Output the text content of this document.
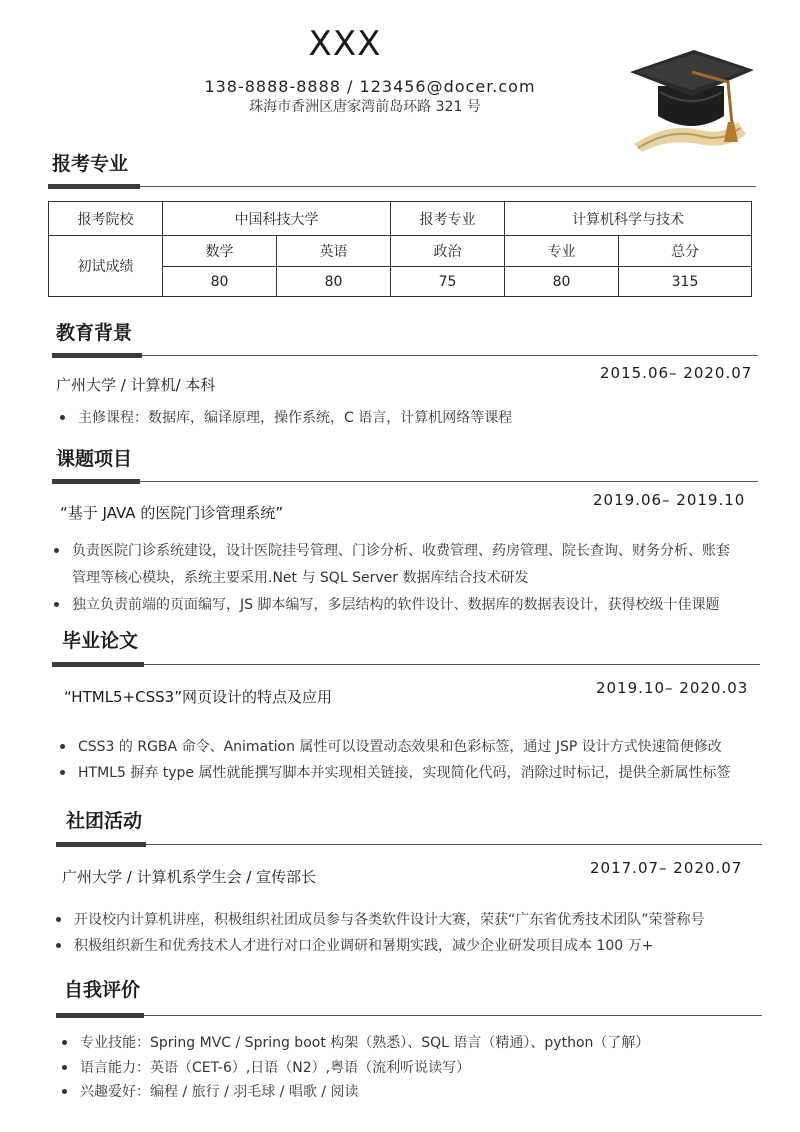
XXX
138-8888-8888 / 123456@docer.com
珠海市香洲区唐家湾前岛环路 321 号
报考专业
报考院校	中国科技大学		报考专业	计算机科学与技术	
初试成绩	数学	英语	政治	专业	总分
	80	80	75	80	315
教育背景
广州大学 / 计算机/ 本科
2015.06– 2020.07
主修课程：数据库，编译原理，操作系统，C 语言，计算机网络等课程
课题项目
“基于 JAVA 的医院门诊管理系统”
2019.06– 2019.10
负责医院门诊系统建设，设计医院挂号管理、门诊分析、收费管理、药房管理、院长查询、财务分析、账套
管理等核心模块，系统主要采用.Net 与 SQL Server 数据库结合技术研发
独立负责前端的页面编写，JS 脚本编写，多层结构的软件设计、数据库的数据表设计，获得校级十佳课题
毕业论文
“HTML5+CSS3”网页设计的特点及应用	2019.10– 2020.03
CSS3 的 RGBA 命令、Animation 属性可以设置动态效果和色彩标签，通过 JSP 设计方式快速简便修改
HTML5 摒弃 type 属性就能撰写脚本并实现相关链接，实现简化代码，消除过时标记，提供全新属性标签
社团活动
广州大学 / 计算机系学生会 / 宣传部长	2017.07– 2020.07
开设校内计算机讲座，积极组织社团成员参与各类软件设计大赛，荣获“广东省优秀技术团队”荣誉称号
积极组织新生和优秀技术人才进行对口企业调研和暑期实践，减少企业研发项目成本 100 万+
自我评价
专业技能：Spring MVC / Spring boot 构架（熟悉）、SQL 语言（精通）、python（了解）
语言能力：英语（CET-6）,日语（N2）,粤语（流利听说读写）
兴趣爱好：编程 / 旅行 / 羽毛球 / 唱歌 / 阅读
